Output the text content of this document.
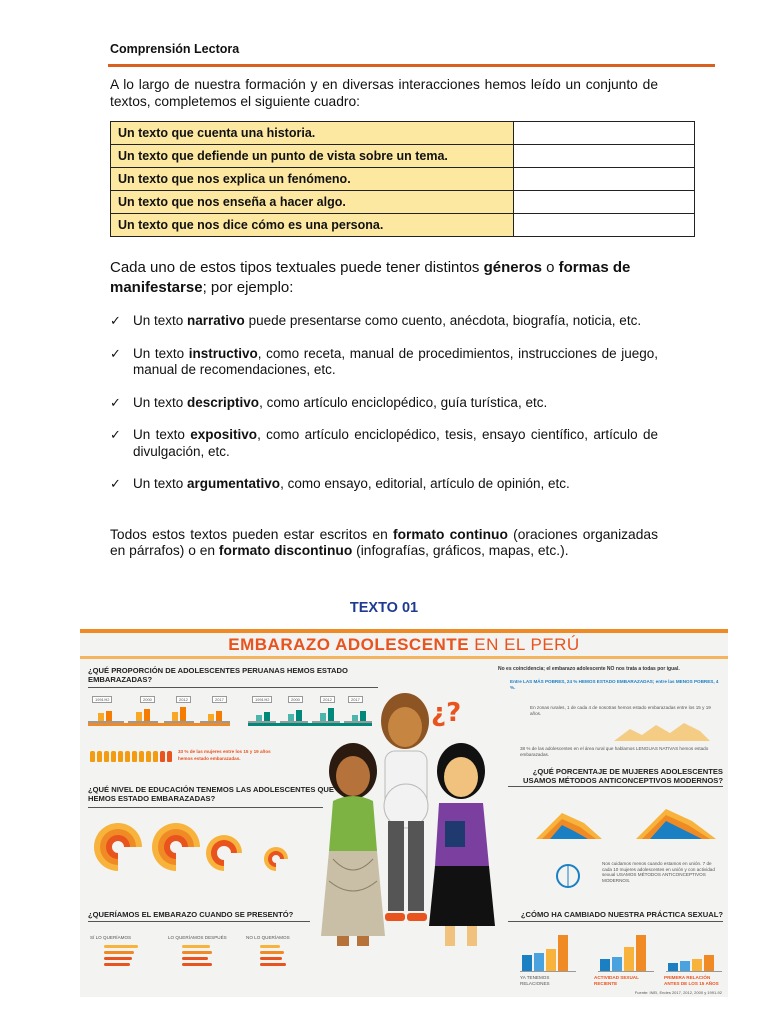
Comprensión Lectora
A lo largo de nuestra formación y en diversas interacciones hemos leído un conjunto de textos, completemos el siguiente cuadro:
Un texto que cuenta una historia.	
Un texto que defiende un punto de vista sobre un tema.	
Un texto que nos explica un fenómeno.	
Un texto que nos enseña a hacer algo.	
Un texto que nos dice cómo es una persona.	
Cada uno de estos tipos textuales puede tener distintos géneros o formas de manifestarse; por ejemplo:
✓ Un texto narrativo puede presentarse como cuento, anécdota, biografía, noticia, etc.
✓ Un texto instructivo, como receta, manual de procedimientos, instrucciones de juego, manual de recomendaciones, etc.
✓ Un texto descriptivo, como artículo enciclopédico, guía turística, etc.
✓ Un texto expositivo, como artículo enciclopédico, tesis, ensayo científico, artículo de divulgación, etc.
✓ Un texto argumentativo, como ensayo, editorial, artículo de opinión, etc.
Todos estos textos pueden estar escritos en formato continuo (oraciones organizadas en párrafos) o en formato discontinuo (infografías, gráficos, mapas, etc.).
TEXTO 01
EMBARAZO ADOLESCENTE EN EL PERÚ
¿QUÉ PROPORCIÓN DE ADOLESCENTES PERUANAS HEMOS ESTADO EMBARAZADAS?
1991/92	2000	2012	2017	1991/92	2000	2012	2017
33 % de las mujeres entre los 15 y 19 años
hemos estado embarazadas.
¿QUÉ NIVEL DE EDUCACIÓN TENEMOS LAS ADOLESCENTES QUE HEMOS ESTADO EMBARAZADAS?
¿QUERÍAMOS EL EMBARAZO CUANDO SE PRESENTÓ?
SÍ LO QUERÍAMOS	LO QUERÍAMOS DESPUÉS	NO LO QUERÍAMOS
¿?
No es coincidencia; el embarazo adolescente NO nos trata a todas por igual.
Entre LAS MÁS POBRES, 24 % HEMOS ESTADO EMBARAZADAS; entre las MENOS POBRES, 4 %.
En zonas rurales, 1 de cada 4 de nosotras hemos estado embarazadas entre los 15 y 19 años.
38 % de las adolescentes en el área rural que hablamos LENGUAS NATIVAS hemos estado embarazadas.
¿QUÉ PORCENTAJE DE MUJERES ADOLESCENTES USAMOS MÉTODOS ANTICONCEPTIVOS MODERNOS?
Nos cuidamos menos cuando estamos en unión. 7 de cada 10 mujeres adolescentes en unión y con actividad sexual USAMOS MÉTODOS ANTICONCEPTIVOS MODERNOS.
¿CÓMO HA CAMBIADO NUESTRA PRÁCTICA SEXUAL?
YA TENEMOS RELACIONES
ACTIVIDAD SEXUAL RECIENTE
PRIMERA RELACIÓN ANTES DE LOS 15 AÑOS
Fuente: INEI, Endes 2017, 2012, 2000 y 1991-92
